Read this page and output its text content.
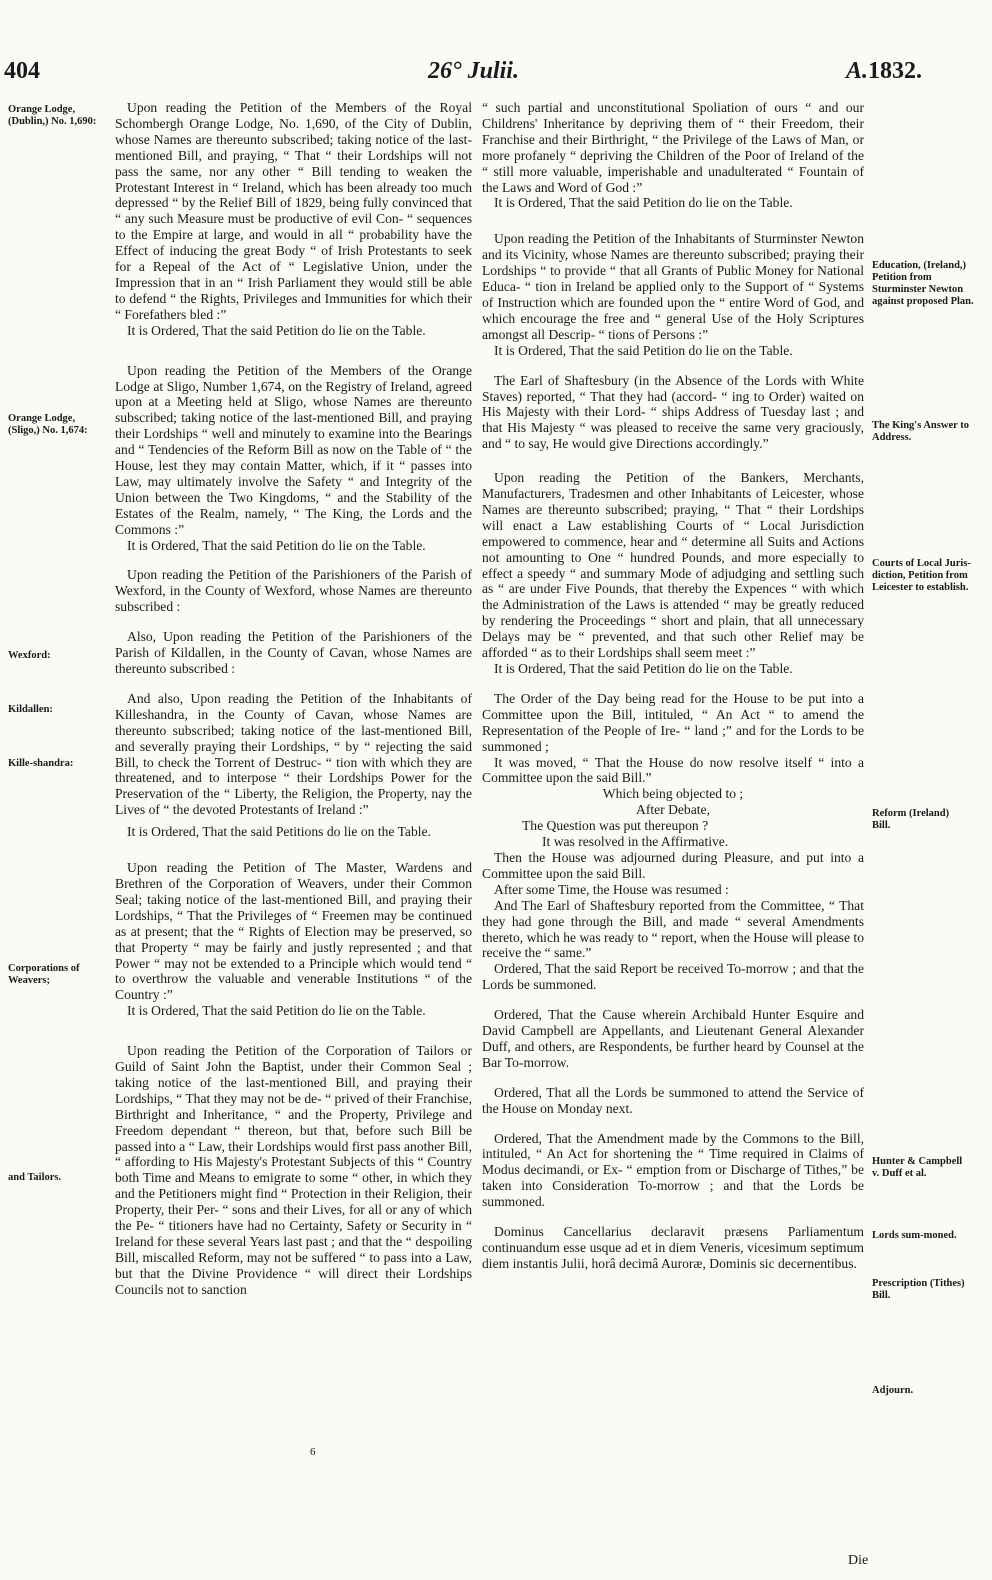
404	26° Julii.	A.1832.
Orange Lodge, (Dublin,) No. 1,690:
Orange Lodge, (Sligo,) No. 1,674:
Wexford:
Kildallen:
Kille-shandra:
Corporations of Weavers;
and Tailors.
Education, (Ireland,) Petition from Sturminster Newton against proposed Plan.
The King's Answer to Address.
Courts of Local Juris-diction, Petition from Leicester to establish.
Reform (Ireland) Bill.
Hunter & Campbell v. Duff et al.
Lords sum-moned.
Prescription (Tithes) Bill.
Adjourn.

Upon reading the Petition of the Members of the Royal Schombergh Orange Lodge, No. 1,690, of the City of Dublin, whose Names are thereunto subscribed; taking notice of the last-mentioned Bill, and praying, “ That “ their Lordships will not pass the same, nor any other “ Bill tending to weaken the Protestant Interest in “ Ireland, which has been already too much depressed “ by the Relief Bill of 1829, being fully convinced that “ any such Measure must be productive of evil Con- “ sequences to the Empire at large, and would in all “ probability have the Effect of inducing the great Body “ of Irish Protestants to seek for a Repeal of the Act of “ Legislative Union, under the Impression that in an “ Irish Parliament they would still be able to defend “ the Rights, Privileges and Immunities for which their “ Forefathers bled :”

It is Ordered, That the said Petition do lie on the Table.

Upon reading the Petition of the Members of the Orange Lodge at Sligo, Number 1,674, on the Registry of Ireland, agreed upon at a Meeting held at Sligo, whose Names are thereunto subscribed; taking notice of the last-mentioned Bill, and praying their Lordships “ well and minutely to examine into the Bearings and “ Tendencies of the Reform Bill as now on the Table of “ the House, lest they may contain Matter, which, if it “ passes into Law, may ultimately involve the Safety “ and Integrity of the Union between the Two Kingdoms, “ and the Stability of the Estates of the Realm, namely, “ The King, the Lords and the Commons :”

It is Ordered, That the said Petition do lie on the Table.

Upon reading the Petition of the Parishioners of the Parish of Wexford, in the County of Wexford, whose Names are thereunto subscribed :

Also, Upon reading the Petition of the Parishioners of the Parish of Kildallen, in the County of Cavan, whose Names are thereunto subscribed :

And also, Upon reading the Petition of the Inhabitants of Killeshandra, in the County of Cavan, whose Names are thereunto subscribed; taking notice of the last-mentioned Bill, and severally praying their Lordships, “ by “ rejecting the said Bill, to check the Torrent of Destruc- “ tion with which they are threatened, and to interpose “ their Lordships Power for the Preservation of the “ Liberty, the Religion, the Property, nay the Lives of “ the devoted Protestants of Ireland :”

It is Ordered, That the said Petitions do lie on the Table.

Upon reading the Petition of The Master, Wardens and Brethren of the Corporation of Weavers, under their Common Seal; taking notice of the last-mentioned Bill, and praying their Lordships, “ That the Privileges of “ Freemen may be continued as at present; that the “ Rights of Election may be preserved, so that Property “ may be fairly and justly represented ; and that Power “ may not be extended to a Principle which would tend “ to overthrow the valuable and venerable Institutions “ of the Country :”

It is Ordered, That the said Petition do lie on the Table.

Upon reading the Petition of the Corporation of Tailors or Guild of Saint John the Baptist, under their Common Seal ; taking notice of the last-mentioned Bill, and praying their Lordships, “ That they may not be de- “ prived of their Franchise, Birthright and Inheritance, “ and the Property, Privilege and Freedom dependant “ thereon, but that, before such Bill be passed into a “ Law, their Lordships would first pass another Bill, “ affording to His Majesty's Protestant Subjects of this “ Country both Time and Means to emigrate to some “ other, in which they and the Petitioners might find “ Protection in their Religion, their Property, their Per- “ sons and their Lives, for all or any of which the Pe- “ titioners have had no Certainty, Safety or Security in “ Ireland for these several Years last past ; and that the “ despoiling Bill, miscalled Reform, may not be suffered “ to pass into a Law, but that the Divine Providence “ will direct their Lordships Councils not to sanction

“ such partial and unconstitutional Spoliation of ours “ and our Childrens' Inheritance by depriving them of “ their Freedom, their Franchise and their Birthright, “ the Privilege of the Laws of Man, or more profanely “ depriving the Children of the Poor of Ireland of the “ still more valuable, imperishable and unadulterated “ Fountain of the Laws and Word of God :”

It is Ordered, That the said Petition do lie on the Table.

Upon reading the Petition of the Inhabitants of Sturminster Newton and its Vicinity, whose Names are thereunto subscribed; praying their Lordships “ to provide “ that all Grants of Public Money for National Educa- “ tion in Ireland be applied only to the Support of “ Systems of Instruction which are founded upon the “ entire Word of God, and which encourage the free and “ general Use of the Holy Scriptures amongst all Descrip- “ tions of Persons :”

It is Ordered, That the said Petition do lie on the Table.

The Earl of Shaftesbury (in the Absence of the Lords with White Staves) reported, “ That they had (accord- “ ing to Order) waited on His Majesty with their Lord- “ ships Address of Tuesday last ; and that His Majesty “ was pleased to receive the same very graciously, and “ to say, He would give Directions accordingly.”

Upon reading the Petition of the Bankers, Merchants, Manufacturers, Tradesmen and other Inhabitants of Leicester, whose Names are thereunto subscribed; praying, “ That “ their Lordships will enact a Law establishing Courts of “ Local Jurisdiction empowered to commence, hear and “ determine all Suits and Actions not amounting to One “ hundred Pounds, and more especially to effect a speedy “ and summary Mode of adjudging and settling such as “ are under Five Pounds, that thereby the Expences “ with which the Administration of the Laws is attended “ may be greatly reduced by rendering the Proceedings “ short and plain, that all unnecessary Delays may be “ prevented, and that such other Relief may be afforded “ as to their Lordships shall seem meet :”

It is Ordered, That the said Petition do lie on the Table.

The Order of the Day being read for the House to be put into a Committee upon the Bill, intituled, “ An Act “ to amend the Representation of the People of Ire- “ land ;” and for the Lords to be summoned ;

It was moved, “ That the House do now resolve itself “ into a Committee upon the said Bill.”

Which being objected to ;

After Debate,

The Question was put thereupon ?

It was resolved in the Affirmative.

Then the House was adjourned during Pleasure, and put into a Committee upon the said Bill.

After some Time, the House was resumed :

And The Earl of Shaftesbury reported from the Committee, “ That they had gone through the Bill, and made “ several Amendments thereto, which he was ready to “ report, when the House will please to receive the “ same.”

Ordered, That the said Report be received To-morrow ; and that the Lords be summoned.

Ordered, That the Cause wherein Archibald Hunter Esquire and David Campbell are Appellants, and Lieutenant General Alexander Duff, and others, are Respondents, be further heard by Counsel at the Bar To-morrow.

Ordered, That all the Lords be summoned to attend the Service of the House on Monday next.

Ordered, That the Amendment made by the Commons to the Bill, intituled, “ An Act for shortening the “ Time required in Claims of Modus decimandi, or Ex- “ emption from or Discharge of Tithes,” be taken into Consideration To-morrow ; and that the Lords be summoned.

Dominus Cancellarius declaravit præsens Parliamentum continuandum esse usque ad et in diem Veneris, vicesimum septimum diem instantis Julii, horâ decimâ Auroræ, Dominis sic decernentibus.

6
Die
